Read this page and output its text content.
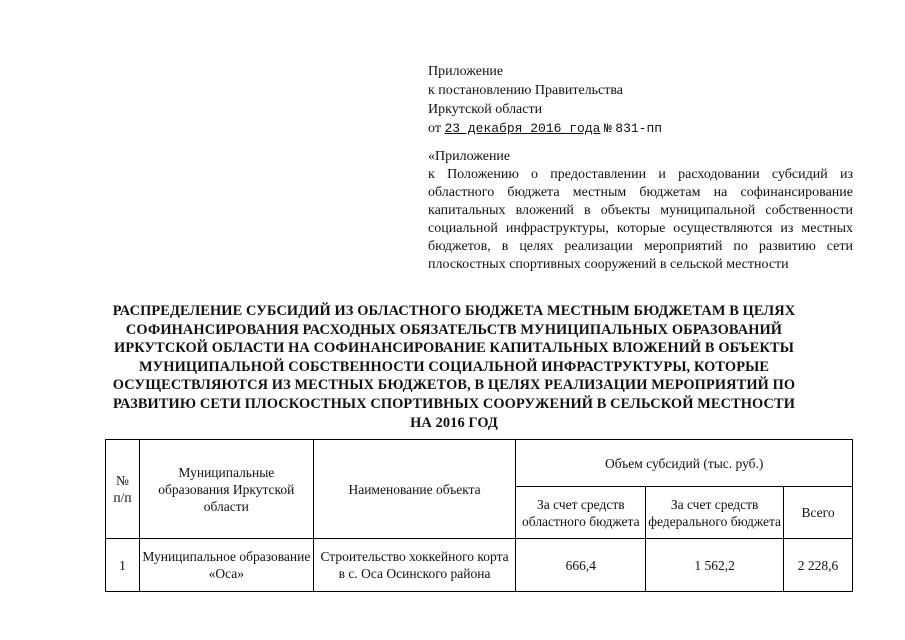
Приложение
к постановлению Правительства
Иркутской области
от 23 декабря 2016 года № 831-пп
«Приложение
к Положению о предоставлении и расходовании субсидий из областного бюджета местным бюджетам на софинансирование капитальных вложений в объекты муниципальной собственности социальной инфраструктуры, которые осуществляются из местных бюджетов, в целях реализации мероприятий по развитию сети плоскостных спортивных сооружений в сельской местности
РАСПРЕДЕЛЕНИЕ СУБСИДИЙ ИЗ ОБЛАСТНОГО БЮДЖЕТА МЕСТНЫМ БЮДЖЕТАМ В ЦЕЛЯХ СОФИНАНСИРОВАНИЯ РАСХОДНЫХ ОБЯЗАТЕЛЬСТВ МУНИЦИПАЛЬНЫХ ОБРАЗОВАНИЙ ИРКУТСКОЙ ОБЛАСТИ НА СОФИНАНСИРОВАНИЕ КАПИТАЛЬНЫХ ВЛОЖЕНИЙ В ОБЪЕКТЫ МУНИЦИПАЛЬНОЙ СОБСТВЕННОСТИ СОЦИАЛЬНОЙ ИНФРАСТРУКТУРЫ, КОТОРЫЕ ОСУЩЕСТВЛЯЮТСЯ ИЗ МЕСТНЫХ БЮДЖЕТОВ, В ЦЕЛЯХ РЕАЛИЗАЦИИ МЕРОПРИЯТИЙ ПО РАЗВИТИЮ СЕТИ ПЛОСКОСТНЫХ СПОРТИВНЫХ СООРУЖЕНИЙ В СЕЛЬСКОЙ МЕСТНОСТИ НА 2016 ГОД
№
п/п	Муниципальные образования Иркутской области	Наименование объекта	Объем субсидий (тыс. руб.)		
			За счет средств областного бюджета	За счет средств федерального бюджета	Всего
1	Муниципальное образование «Оса»	Строительство хоккейного корта в с. Оса Осинского района	666,4	1 562,2	2 228,6
